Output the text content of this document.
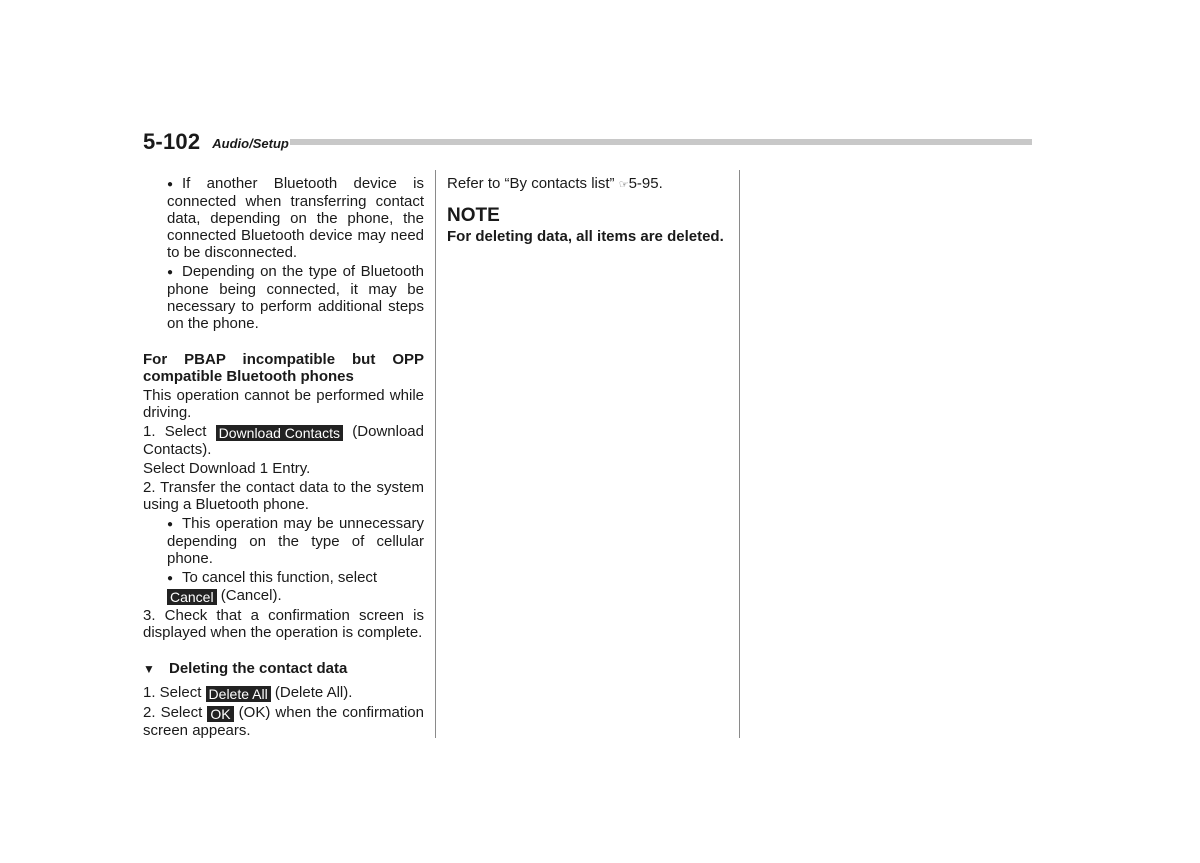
5-102 Audio/Setup

● If another Bluetooth device is connected when transferring contact data, depending on the phone, the connected Bluetooth device may need to be disconnected.

● Depending on the type of Bluetooth phone being connected, it may be necessary to perform additional steps on the phone.

For PBAP incompatible but OPP compatible Bluetooth phones

This operation cannot be performed while driving.

1. Select Download Contacts (Download Contacts).

Select Download 1 Entry.

2. Transfer the contact data to the system using a Bluetooth phone.

● This operation may be unnecessary depending on the type of cellular phone.

● To cancel this function, select
Cancel (Cancel).

3. Check that a confirmation screen is displayed when the operation is complete.

▼ Deleting the contact data

1. Select Delete All (Delete All).

2. Select OK (OK) when the confirmation screen appears.

Refer to “By contacts list” ☞5-95.

NOTE

For deleting data, all items are deleted.
